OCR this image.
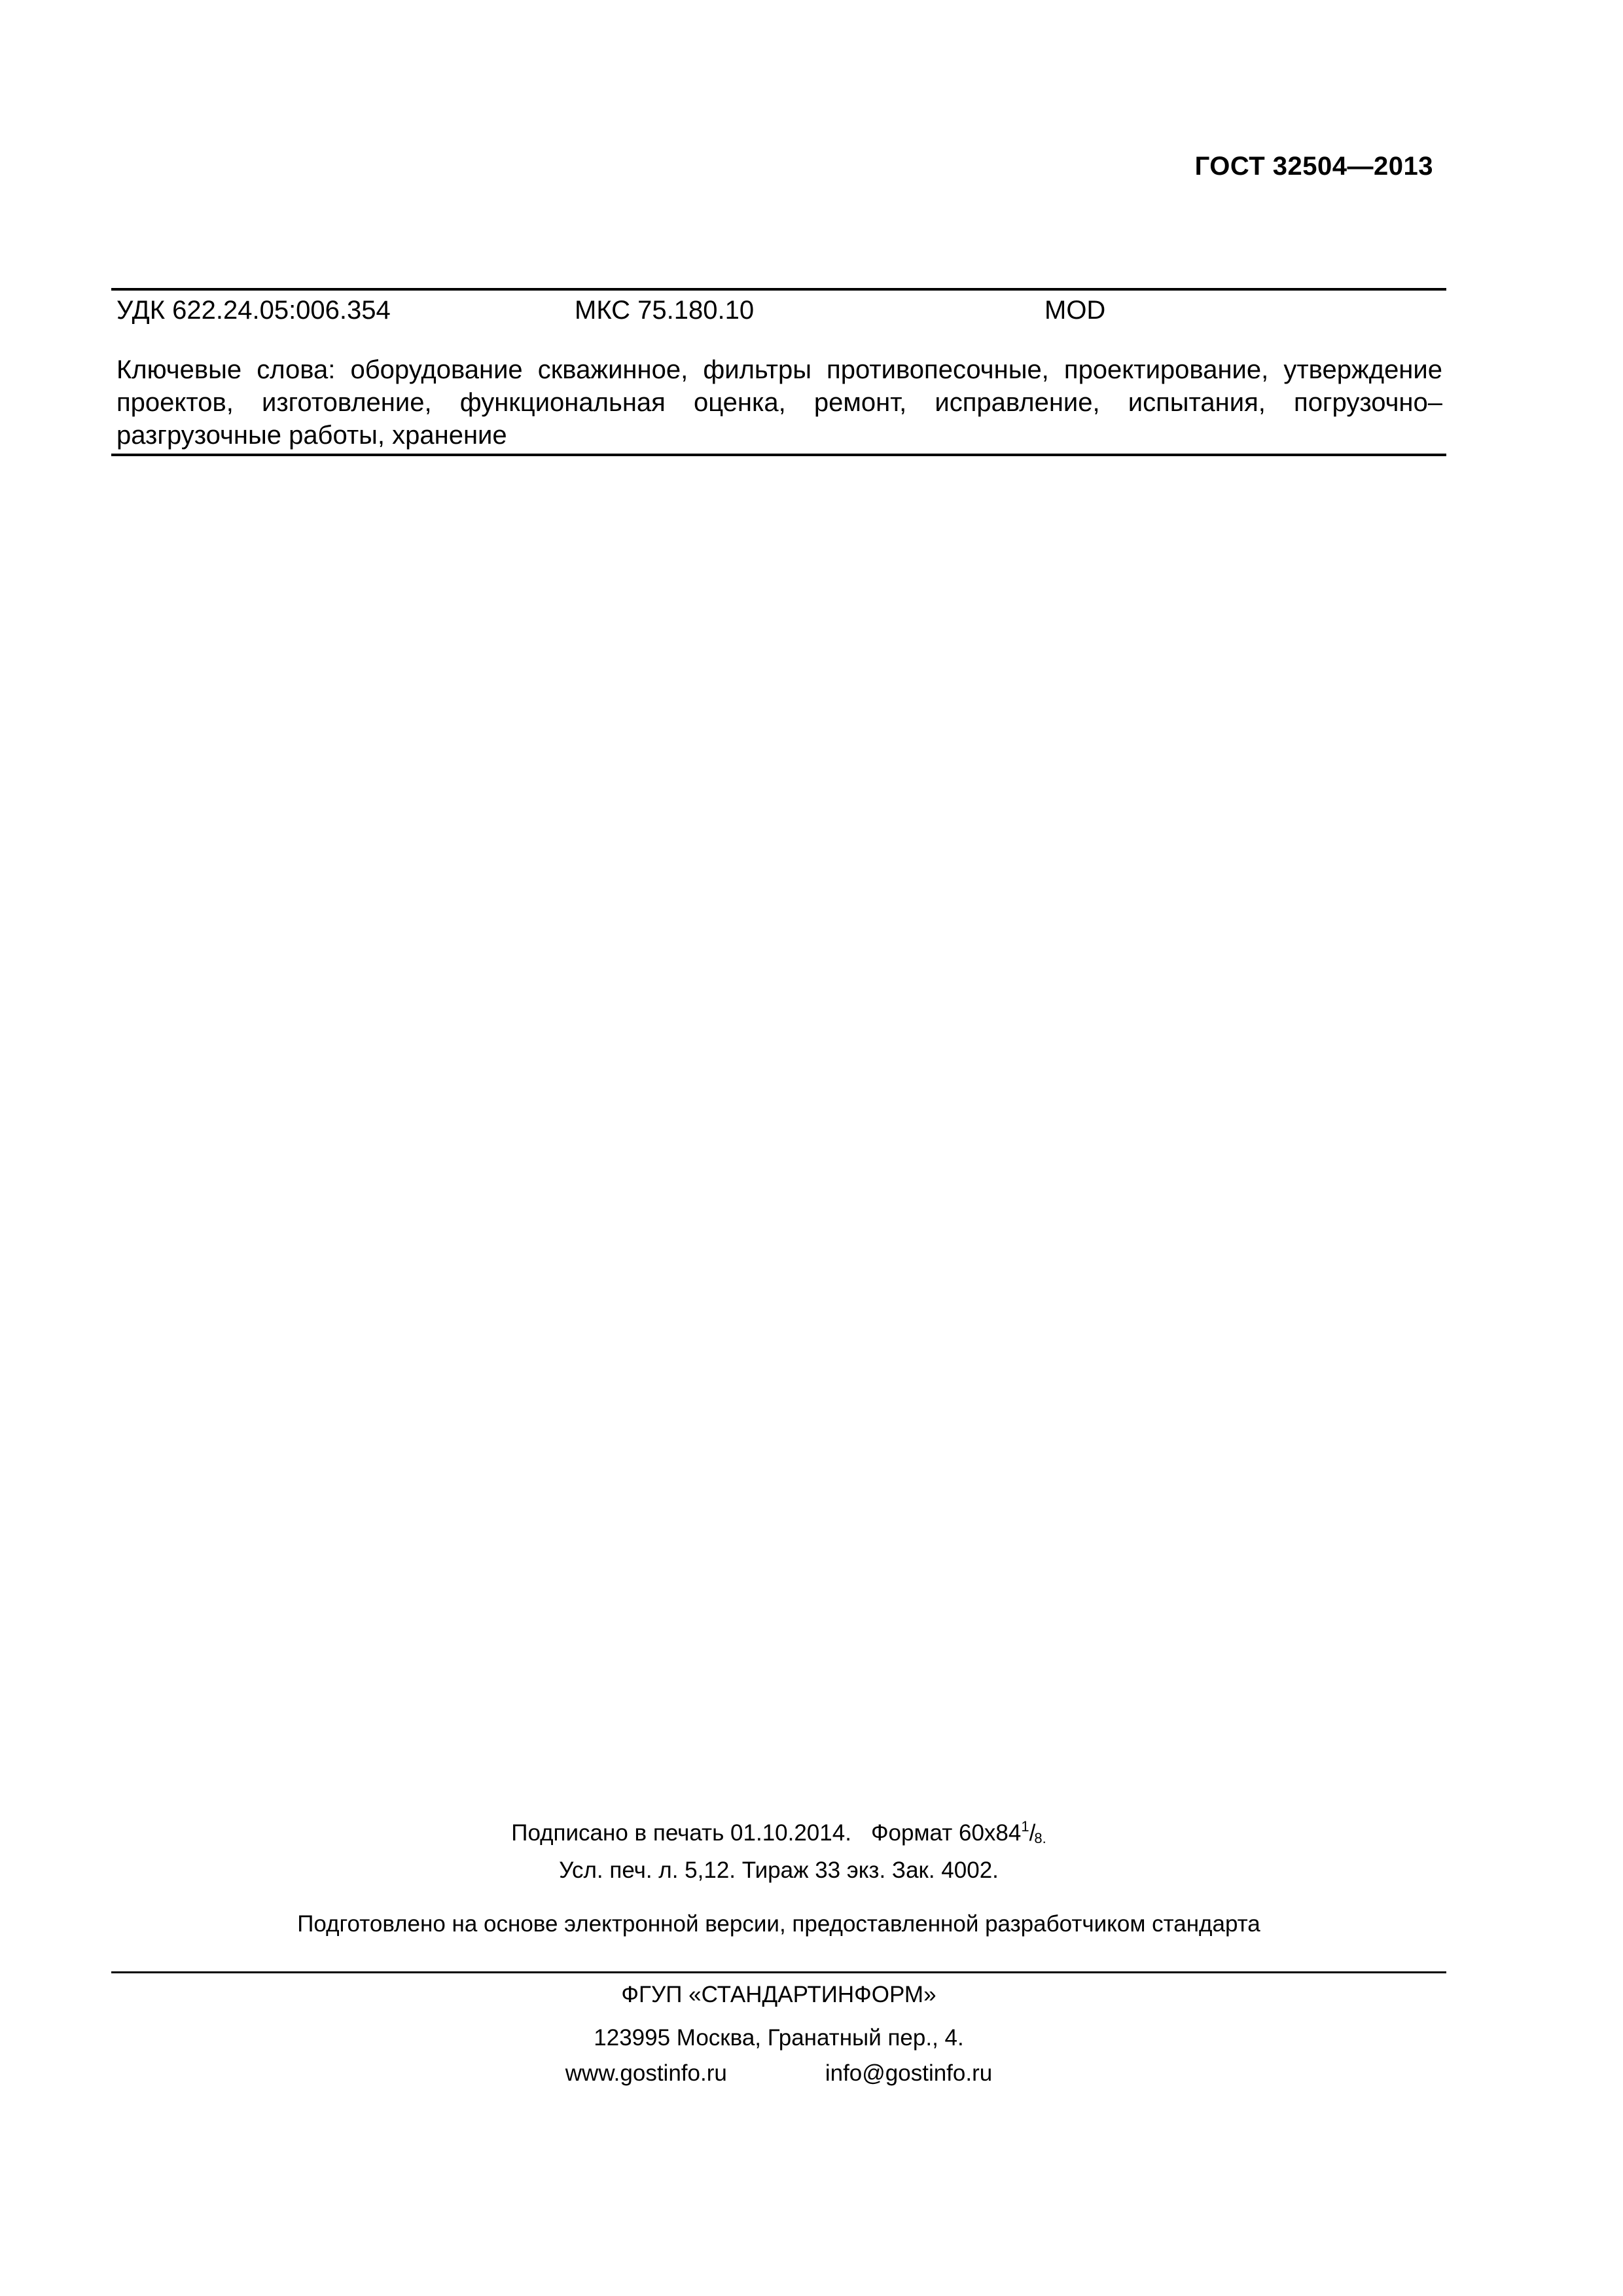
ГОСТ 32504—2013
УДК 622.24.05:006.354	МКС 75.180.10	MOD
Ключевые слова: оборудование скважинное, фильтры противопесочные, проектирование, утверждение проектов, изготовление, функциональная оценка, ремонт, исправление, испытания, погрузочно–разгрузочные работы, хранение
Подписано в печать 01.10.2014. Формат $60х84^1/_{8.}$
Усл. печ. л. 5,12. Тираж 33 экз. Зак. 4002.
Подготовлено на основе электронной версии, предоставленной разработчиком стандарта
ФГУП «СТАНДАРТИНФОРМ»
123995 Москва, Гранатный пер., 4.
www.gostinfo.ru	info@gostinfo.ru
